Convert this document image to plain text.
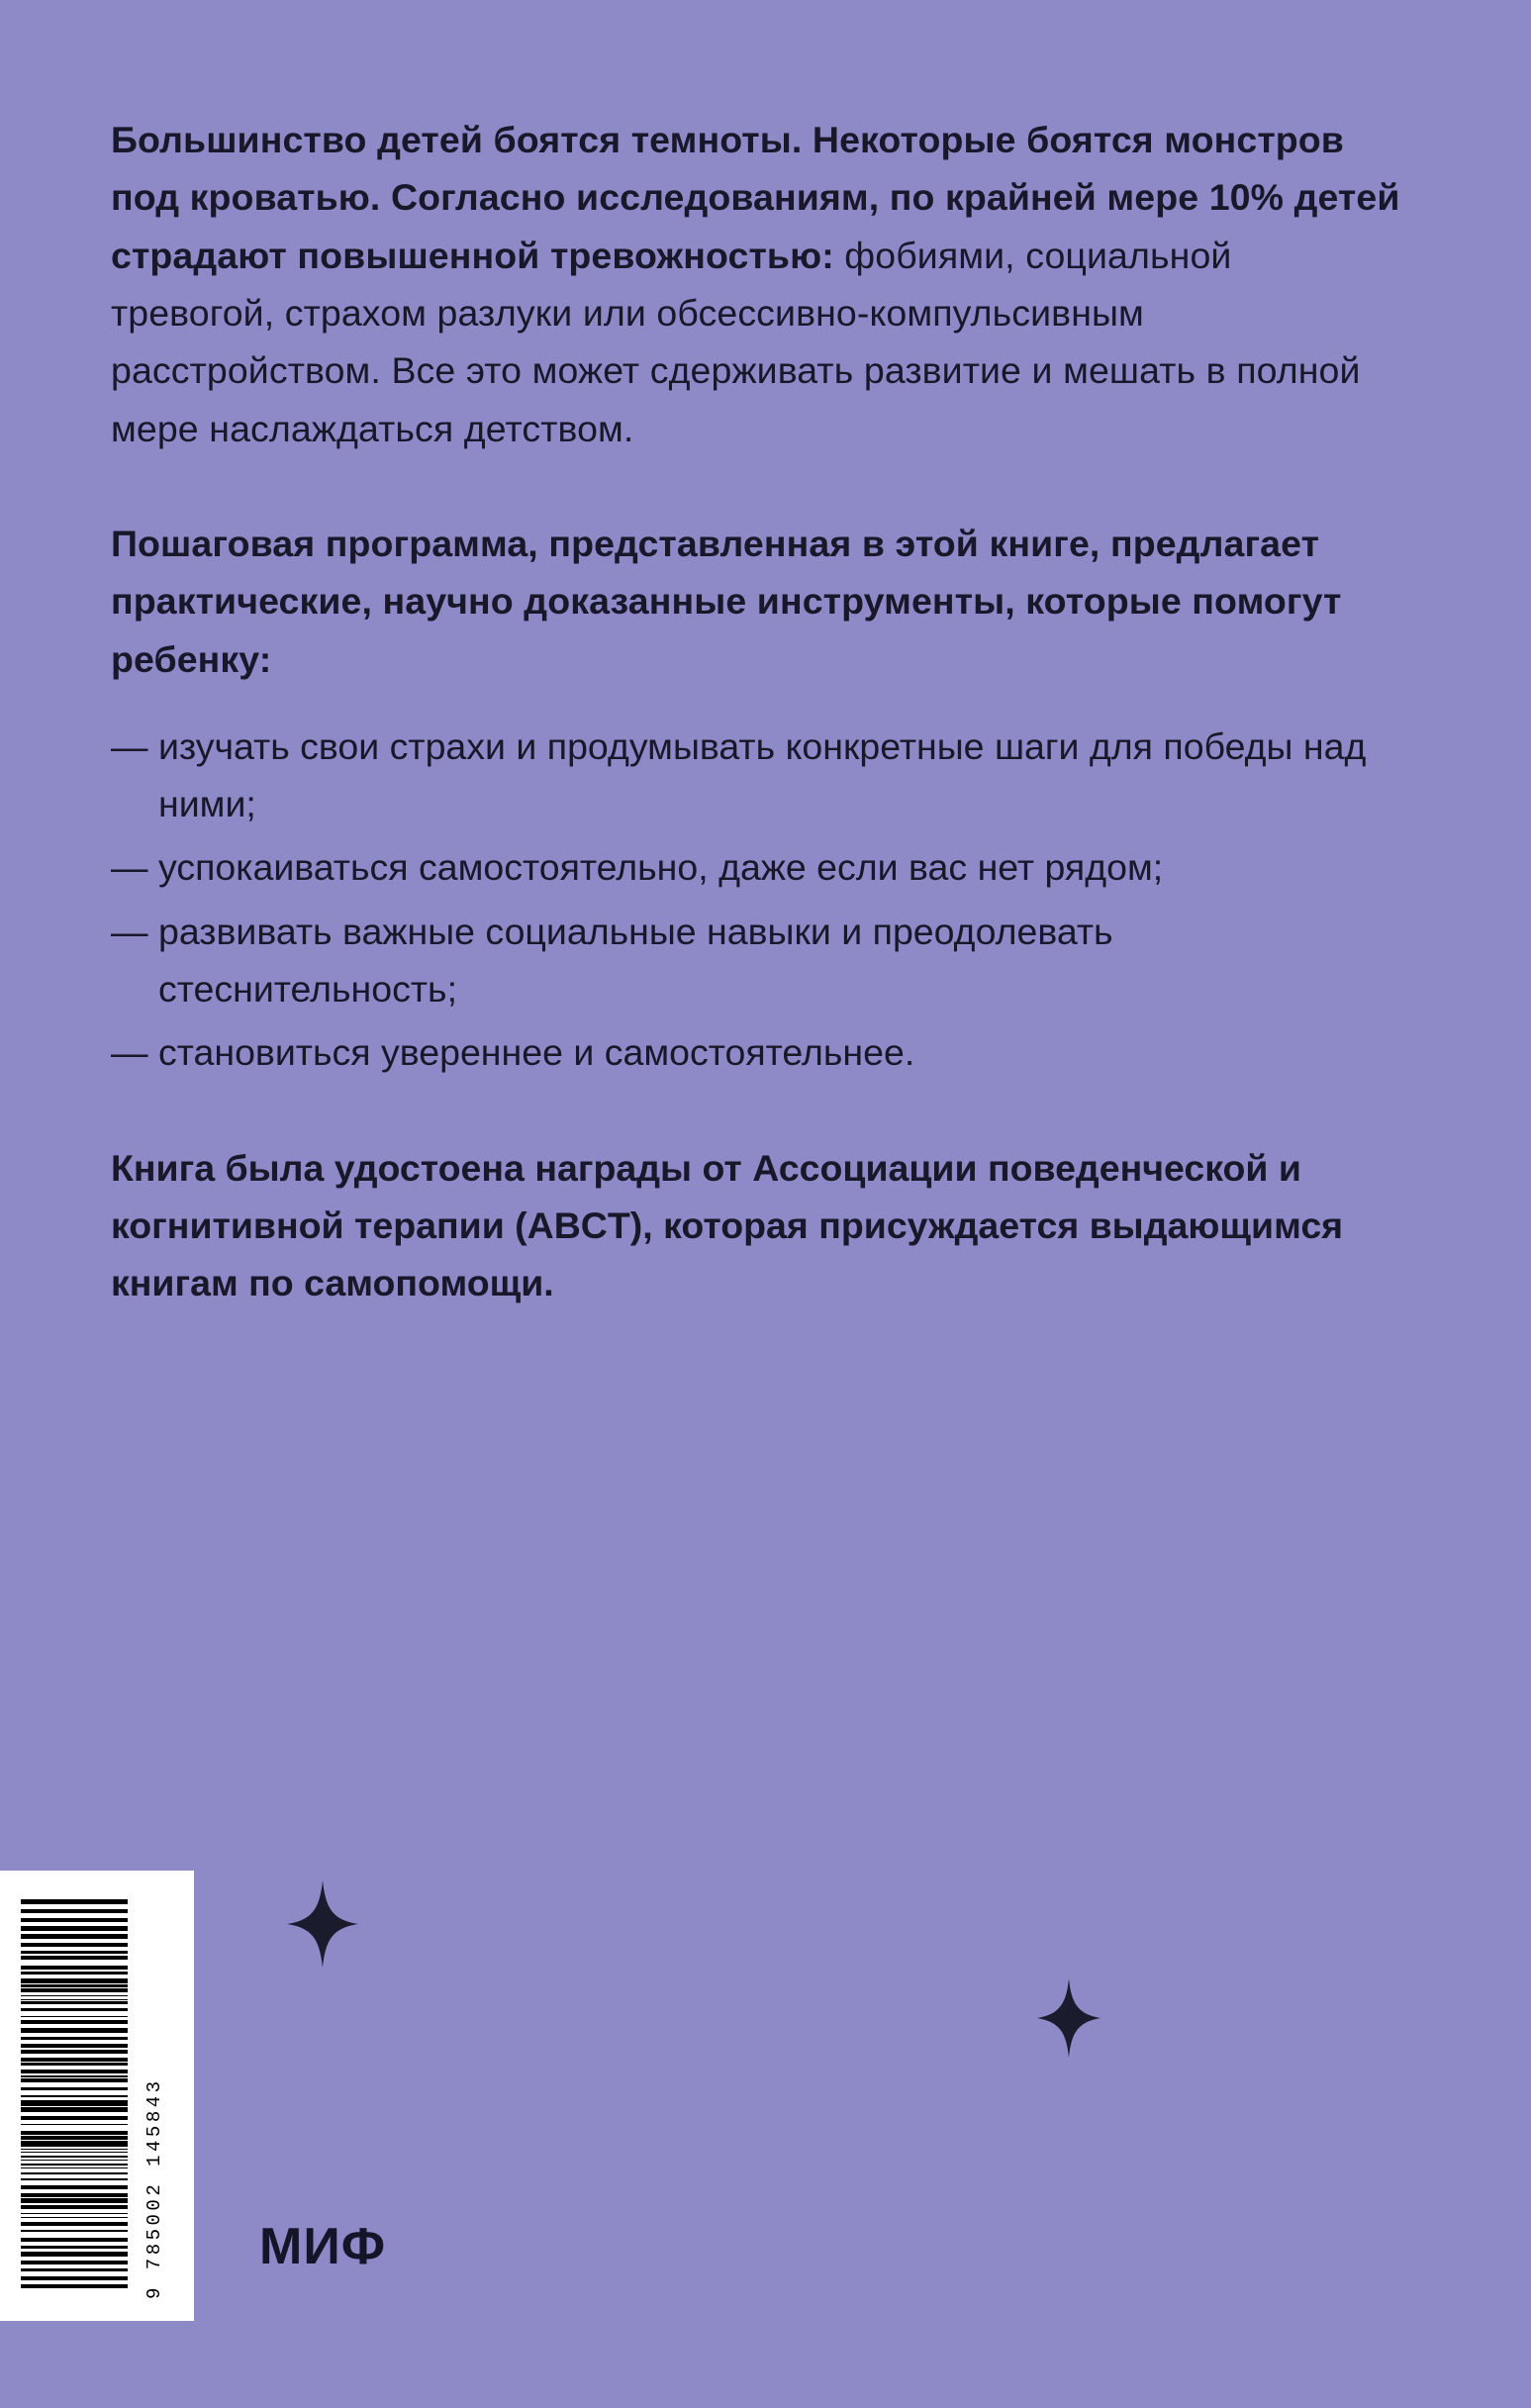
Большинство детей боятся темноты. Некоторые боятся монстров под кроватью. Согласно исследованиям, по крайней мере 10% детей страдают повышенной тревожностью: фобиями, социальной тревогой, страхом разлуки или обсессивно-компульсивным расстройством. Все это может сдерживать развитие и мешать в полной мере наслаждаться детством.

Пошаговая программа, представленная в этой книге, предлагает практические, научно доказанные инструменты, которые помогут ребенку:

— изучать свои страхи и продумывать конкретные шаги для победы над ними;
— успокаиваться самостоятельно, даже если вас нет рядом;
— развивать важные социальные навыки и преодолевать стеснительность;
— становиться увереннее и самостоятельнее.

Книга была удостоена награды от Ассоциации поведенческой и когнитивной терапии (ABCT), которая присуждается выдающимся книгам по самопомощи.

9 785002 145843 МИФ
